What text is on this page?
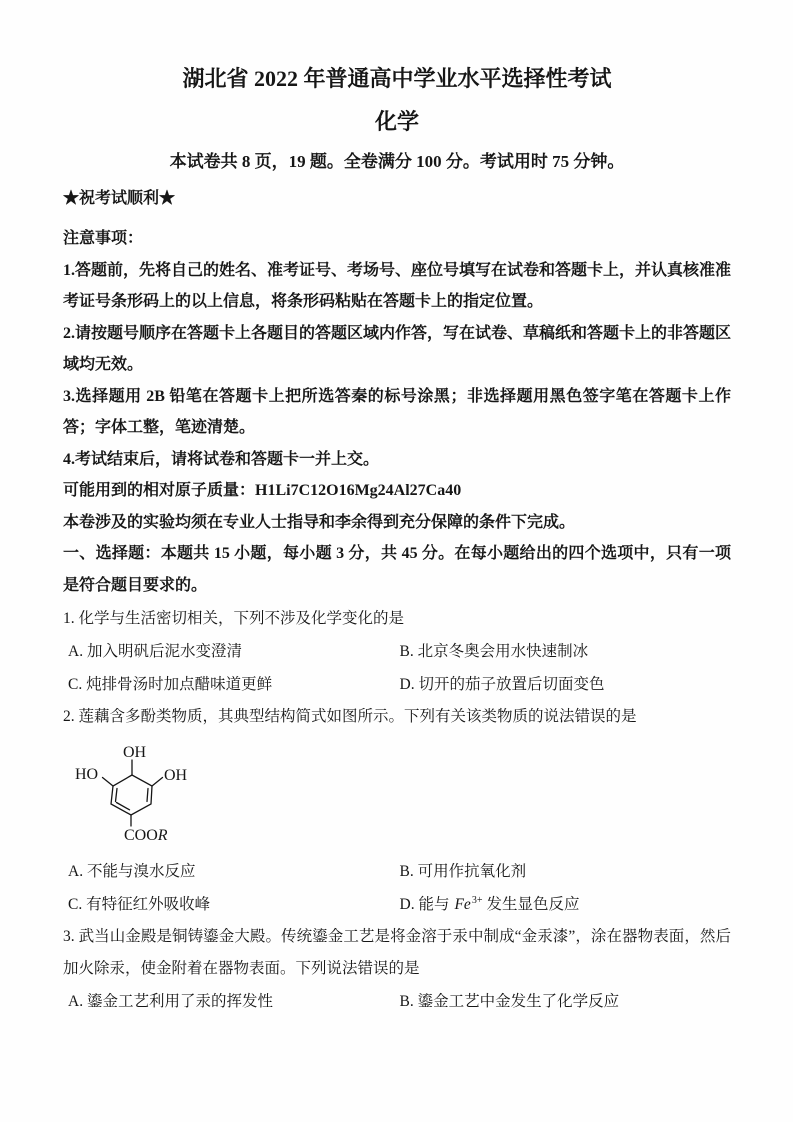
湖北省 2022 年普通高中学业水平选择性考试
化学

本试卷共 8 页，19 题。全卷满分 100 分。考试用时 75 分钟。

★祝考试顺利★

注意事项：

1.答题前，先将自己的姓名、准考证号、考场号、座位号填写在试卷和答题卡上，并认真核准准考证号条形码上的以上信息，将条形码粘贴在答题卡上的指定位置。

2.请按题号顺序在答题卡上各题目的答题区域内作答，写在试卷、草稿纸和答题卡上的非答题区域均无效。

3.选择题用 2B 铅笔在答题卡上把所选答秦的标号涂黑；非选择题用黑色签字笔在答题卡上作答；字体工整，笔迹清楚。

4.考试结束后，请将试卷和答题卡一并上交。

可能用到的相对原子质量：H1Li7C12O16Mg24Al27Ca40

本卷涉及的实验均须在专业人士指导和李余得到充分保障的条件下完成。

一、选择题：本题共 15 小题，每小题 3 分，共 45 分。在每小题给出的四个选项中，只有一项是符合题目要求的。

1. 化学与生活密切相关，下列不涉及化学变化的是

A. 加入明矾后泥水变澄清	B. 北京冬奥会用水快速制冰
C. 炖排骨汤时加点醋味道更鲜	D. 切开的茄子放置后切面变色

2. 莲藕含多酚类物质，其典型结构简式如图所示。下列有关该类物质的说法错误的是

OH
HO	OH
COOR
A. 不能与溴水反应	B. 可用作抗氧化剂
C. 有特征红外吸收峰	D. 能与 $Fe^{3+}$ 发生显色反应

3. 武当山金殿是铜铸鎏金大殿。传统鎏金工艺是将金溶于汞中制成“金汞漆”，涂在器物表面，然后加火除汞，使金附着在器物表面。下列说法错误的是

A. 鎏金工艺利用了汞的挥发性	B. 鎏金工艺中金发生了化学反应
